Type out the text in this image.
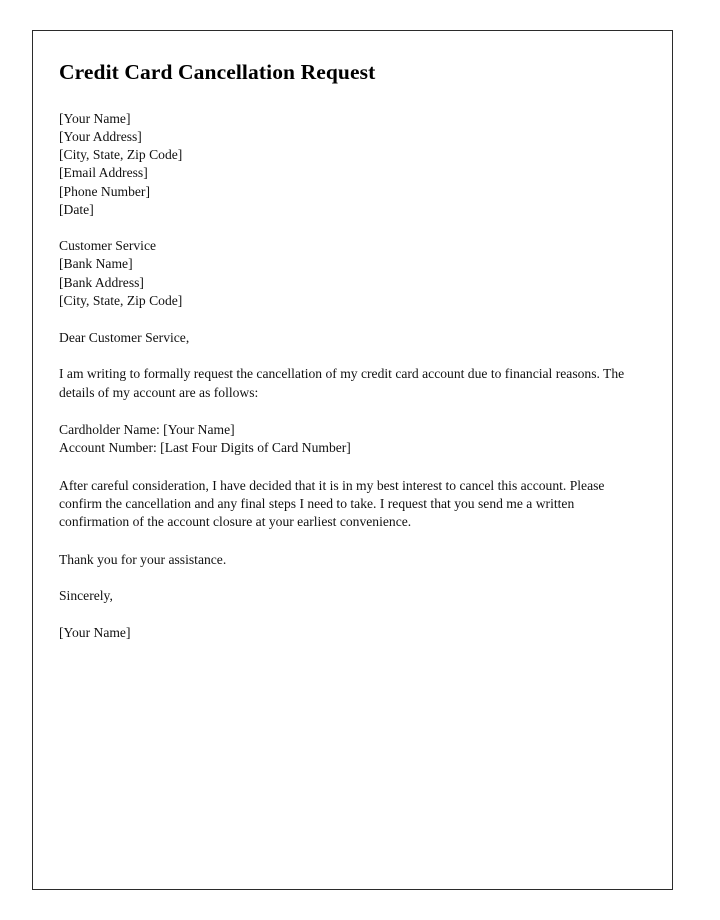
Credit Card Cancellation Request
[Your Name]
[Your Address]
[City, State, Zip Code]
[Email Address]
[Phone Number]
[Date]
Customer Service
[Bank Name]
[Bank Address]
[City, State, Zip Code]

Dear Customer Service,

I am writing to formally request the cancellation of my credit card account due to financial reasons. The details of my account are as follows:

Cardholder Name: [Your Name]
Account Number: [Last Four Digits of Card Number]

After careful consideration, I have decided that it is in my best interest to cancel this account. Please confirm the cancellation and any final steps I need to take. I request that you send me a written confirmation of the account closure at your earliest convenience.

Thank you for your assistance.

Sincerely,

[Your Name]
